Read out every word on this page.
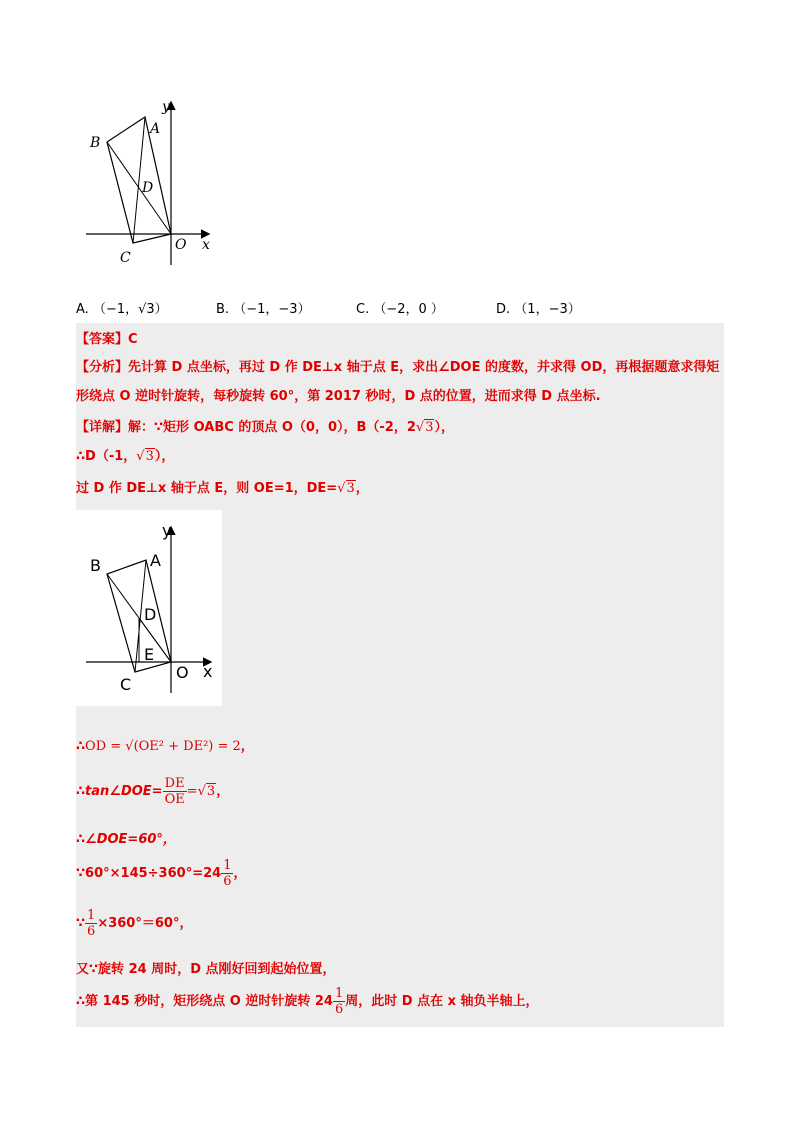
y
x
A
B
C
D
O
A. （−1，√3）	B. （−1，−3）	C. （−2，0 ）	D. （1，−3）
【答案】C
【分析】先计算 D 点坐标，再过 D 作 DE⊥x 轴于点 E，求出∠DOE 的度数，并求得 OD，再根据题意求得矩
形绕点 O 逆时针旋转，每秒旋转 60°，第 2017 秒时，D 点的位置，进而求得 D 点坐标.
【详解】解：∵矩形 OABC 的顶点 O（0，0），B（-2，2√3），
∴D（-1，√3），
过 D 作 DE⊥x 轴于点 E，则 OE=1，DE=√3，
y
x
A
B
C
D
E
O
∴OD = √(OE² + DE²) = 2，
∴tan∠DOE= $\frac{DE}{OE} =√3$，
∴∠DOE=60°，
∵60°×145÷360°=24 $\frac{1}{6}$ ，
∵ $\frac{1}{6} \times 360^\circ=60^\circ$，
又∵旋转 24 周时，D 点刚好回到起始位置，
∴第 145 秒时，矩形绕点 O 逆时针旋转 $24 \frac{1}{6}$ 周，此时 D 点在 x 轴负半轴上，
